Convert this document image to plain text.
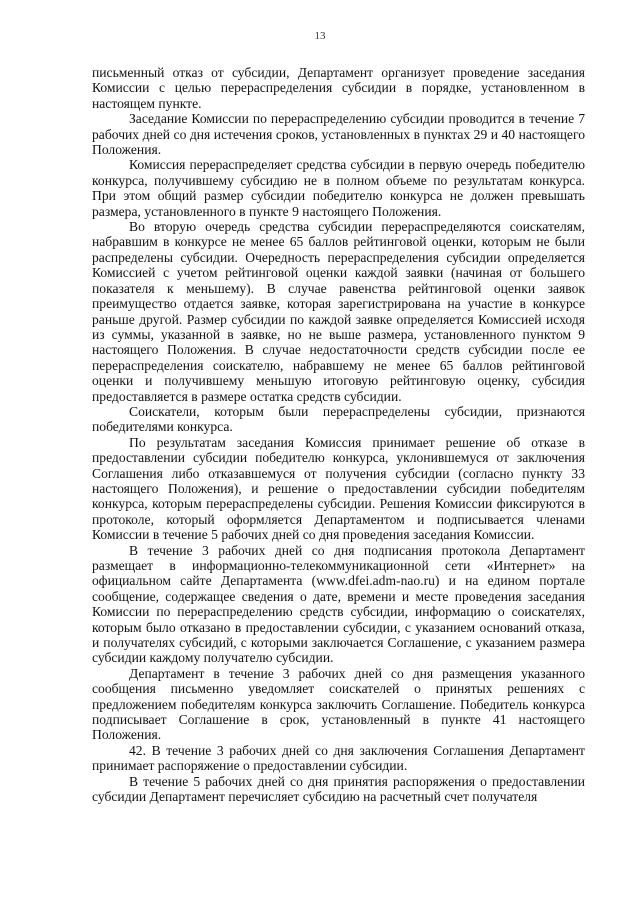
13

письменный отказ от субсидии, Департамент организует проведение заседания Комиссии с целью перераспределения субсидии в порядке, установленном в настоящем пункте.

Заседание Комиссии по перераспределению субсидии проводится в течение 7 рабочих дней со дня истечения сроков, установленных в пунктах 29 и 40 настоящего Положения.

Комиссия перераспределяет средства субсидии в первую очередь победителю конкурса, получившему субсидию не в полном объеме по результатам конкурса. При этом общий размер субсидии победителю конкурса не должен превышать размера, установленного в пункте 9 настоящего Положения.

Во вторую очередь средства субсидии перераспределяются соискателям, набравшим в конкурсе не менее 65 баллов рейтинговой оценки, которым не были распределены субсидии. Очередность перераспределения субсидии определяется Комиссией с учетом рейтинговой оценки каждой заявки (начиная от большего показателя к меньшему). В случае равенства рейтинговой оценки заявок преимущество отдается заявке, которая зарегистрирована на участие в конкурсе раньше другой. Размер субсидии по каждой заявке определяется Комиссией исходя из суммы, указанной в заявке, но не выше размера, установленного пунктом 9 настоящего Положения. В случае недостаточности средств субсидии после ее перераспределения соискателю, набравшему не менее 65 баллов рейтинговой оценки и получившему меньшую итоговую рейтинговую оценку, субсидия предоставляется в размере остатка средств субсидии.

Соискатели, которым были перераспределены субсидии, признаются победителями конкурса.

По результатам заседания Комиссия принимает решение об отказе в предоставлении субсидии победителю конкурса, уклонившемуся от заключения Соглашения либо отказавшемуся от получения субсидии (согласно пункту 33 настоящего Положения), и решение о предоставлении субсидии победителям конкурса, которым перераспределены субсидии. Решения Комиссии фиксируются в протоколе, который оформляется Департаментом и подписывается членами Комиссии в течение 5 рабочих дней со дня проведения заседания Комиссии.

В течение 3 рабочих дней со дня подписания протокола Департамент размещает в информационно-телекоммуникационной сети «Интернет» на официальном сайте Департамента (www.dfei.adm-nao.ru) и на едином портале сообщение, содержащее сведения о дате, времени и месте проведения заседания Комиссии по перераспределению средств субсидии, информацию о соискателях, которым было отказано в предоставлении субсидии, с указанием оснований отказа, и получателях субсидий, с которыми заключается Соглашение, с указанием размера субсидии каждому получателю субсидии.

Департамент в течение 3 рабочих дней со дня размещения указанного сообщения письменно уведомляет соискателей о принятых решениях с предложением победителям конкурса заключить Соглашение. Победитель конкурса подписывает Соглашение в срок, установленный в пункте 41 настоящего Положения.

42. В течение 3 рабочих дней со дня заключения Соглашения Департамент принимает распоряжение о предоставлении субсидии.

В течение 5 рабочих дней со дня принятия распоряжения о предоставлении субсидии Департамент перечисляет субсидию на расчетный счет получателя
